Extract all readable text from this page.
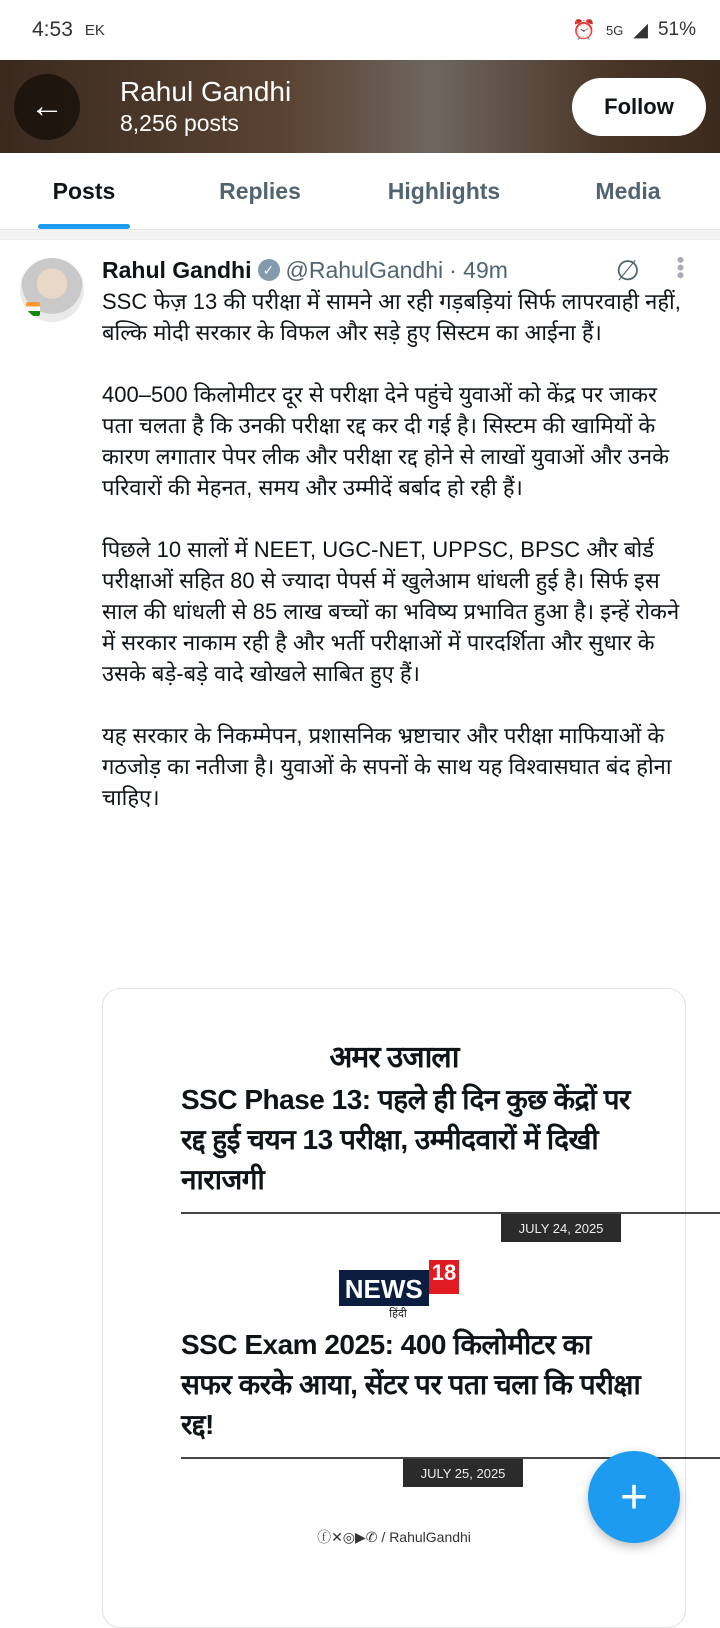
4:53 EK	⏰ 5G ◢ 51%
← Rahul Gandhi
8,256 posts
Follow
Posts	Replies	Highlights	Media
Rahul Gandhi ✓ @RahulGandhi · 49m	∅ •••

SSC फेज़ 13 की परीक्षा में सामने आ रही गड़बड़ियां सिर्फ लापरवाही नहीं, बल्कि मोदी सरकार के विफल और सड़े हुए सिस्टम का आईना हैं।

400–500 किलोमीटर दूर से परीक्षा देने पहुंचे युवाओं को केंद्र पर जाकर पता चलता है कि उनकी परीक्षा रद्द कर दी गई है। सिस्टम की खामियों के कारण लगातार पेपर लीक और परीक्षा रद्द होने से लाखों युवाओं और उनके परिवारों की मेहनत, समय और उम्मीदें बर्बाद हो रही हैं।

पिछले 10 सालों में NEET, UGC-NET, UPPSC, BPSC और बोर्ड परीक्षाओं सहित 80 से ज्यादा पेपर्स में खुलेआम धांधली हुई है। सिर्फ इस साल की धांधली से 85 लाख बच्चों का भविष्य प्रभावित हुआ है। इन्हें रोकने में सरकार नाकाम रही है और भर्ती परीक्षाओं में पारदर्शिता और सुधार के उसके बड़े-बड़े वादे खोखले साबित हुए हैं।

यह सरकार के निकम्मेपन, प्रशासनिक भ्रष्टाचार और परीक्षा माफियाओं के गठजोड़ का नतीजा है। युवाओं के सपनों के साथ यह विश्वासघात बंद होना चाहिए।

अमर उजाला
SSC Phase 13: पहले ही दिन कुछ केंद्रों पर रद्द हुई चयन 13 परीक्षा, उम्मीदवारों में दिखी नाराजगी
JULY 24, 2025
NEWS
18
हिंदी
SSC Exam 2025: 400 किलोमीटर का सफर करके आया, सेंटर पर पता चला कि परीक्षा रद्द!
JULY 25, 2025
ⓕ✕◎▶✆ / RahulGandhi
+
